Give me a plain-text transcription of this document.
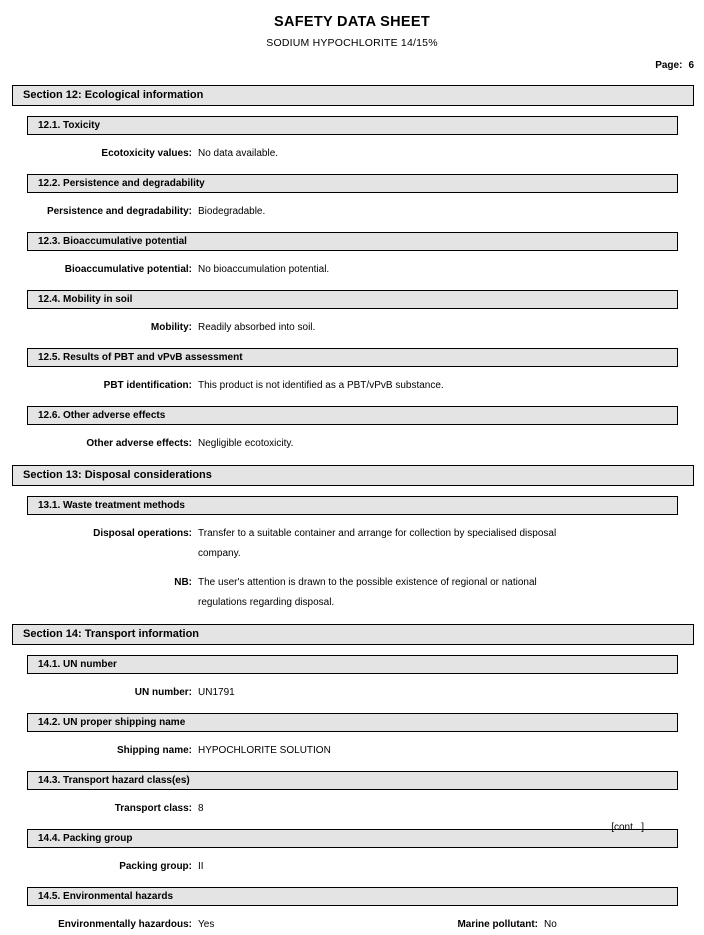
SAFETY DATA SHEET
SODIUM HYPOCHLORITE 14/15%
Page: 6
Section 12: Ecological information
12.1. Toxicity
Ecotoxicity values: No data available.
12.2. Persistence and degradability
Persistence and degradability: Biodegradable.
12.3. Bioaccumulative potential
Bioaccumulative potential: No bioaccumulation potential.
12.4. Mobility in soil
Mobility: Readily absorbed into soil.
12.5. Results of PBT and vPvB assessment
PBT identification: This product is not identified as a PBT/vPvB substance.
12.6. Other adverse effects
Other adverse effects: Negligible ecotoxicity.
Section 13: Disposal considerations
13.1. Waste treatment methods
Disposal operations: Transfer to a suitable container and arrange for collection by specialised disposal
company.
NB: The user's attention is drawn to the possible existence of regional or national
regulations regarding disposal.
Section 14: Transport information
14.1. UN number
UN number: UN1791
14.2. UN proper shipping name
Shipping name: HYPOCHLORITE SOLUTION
14.3. Transport hazard class(es)
Transport class: 8
14.4. Packing group
Packing group: II
14.5. Environmental hazards
Environmentally hazardous: Yes	Marine pollutant: No
[cont...]
